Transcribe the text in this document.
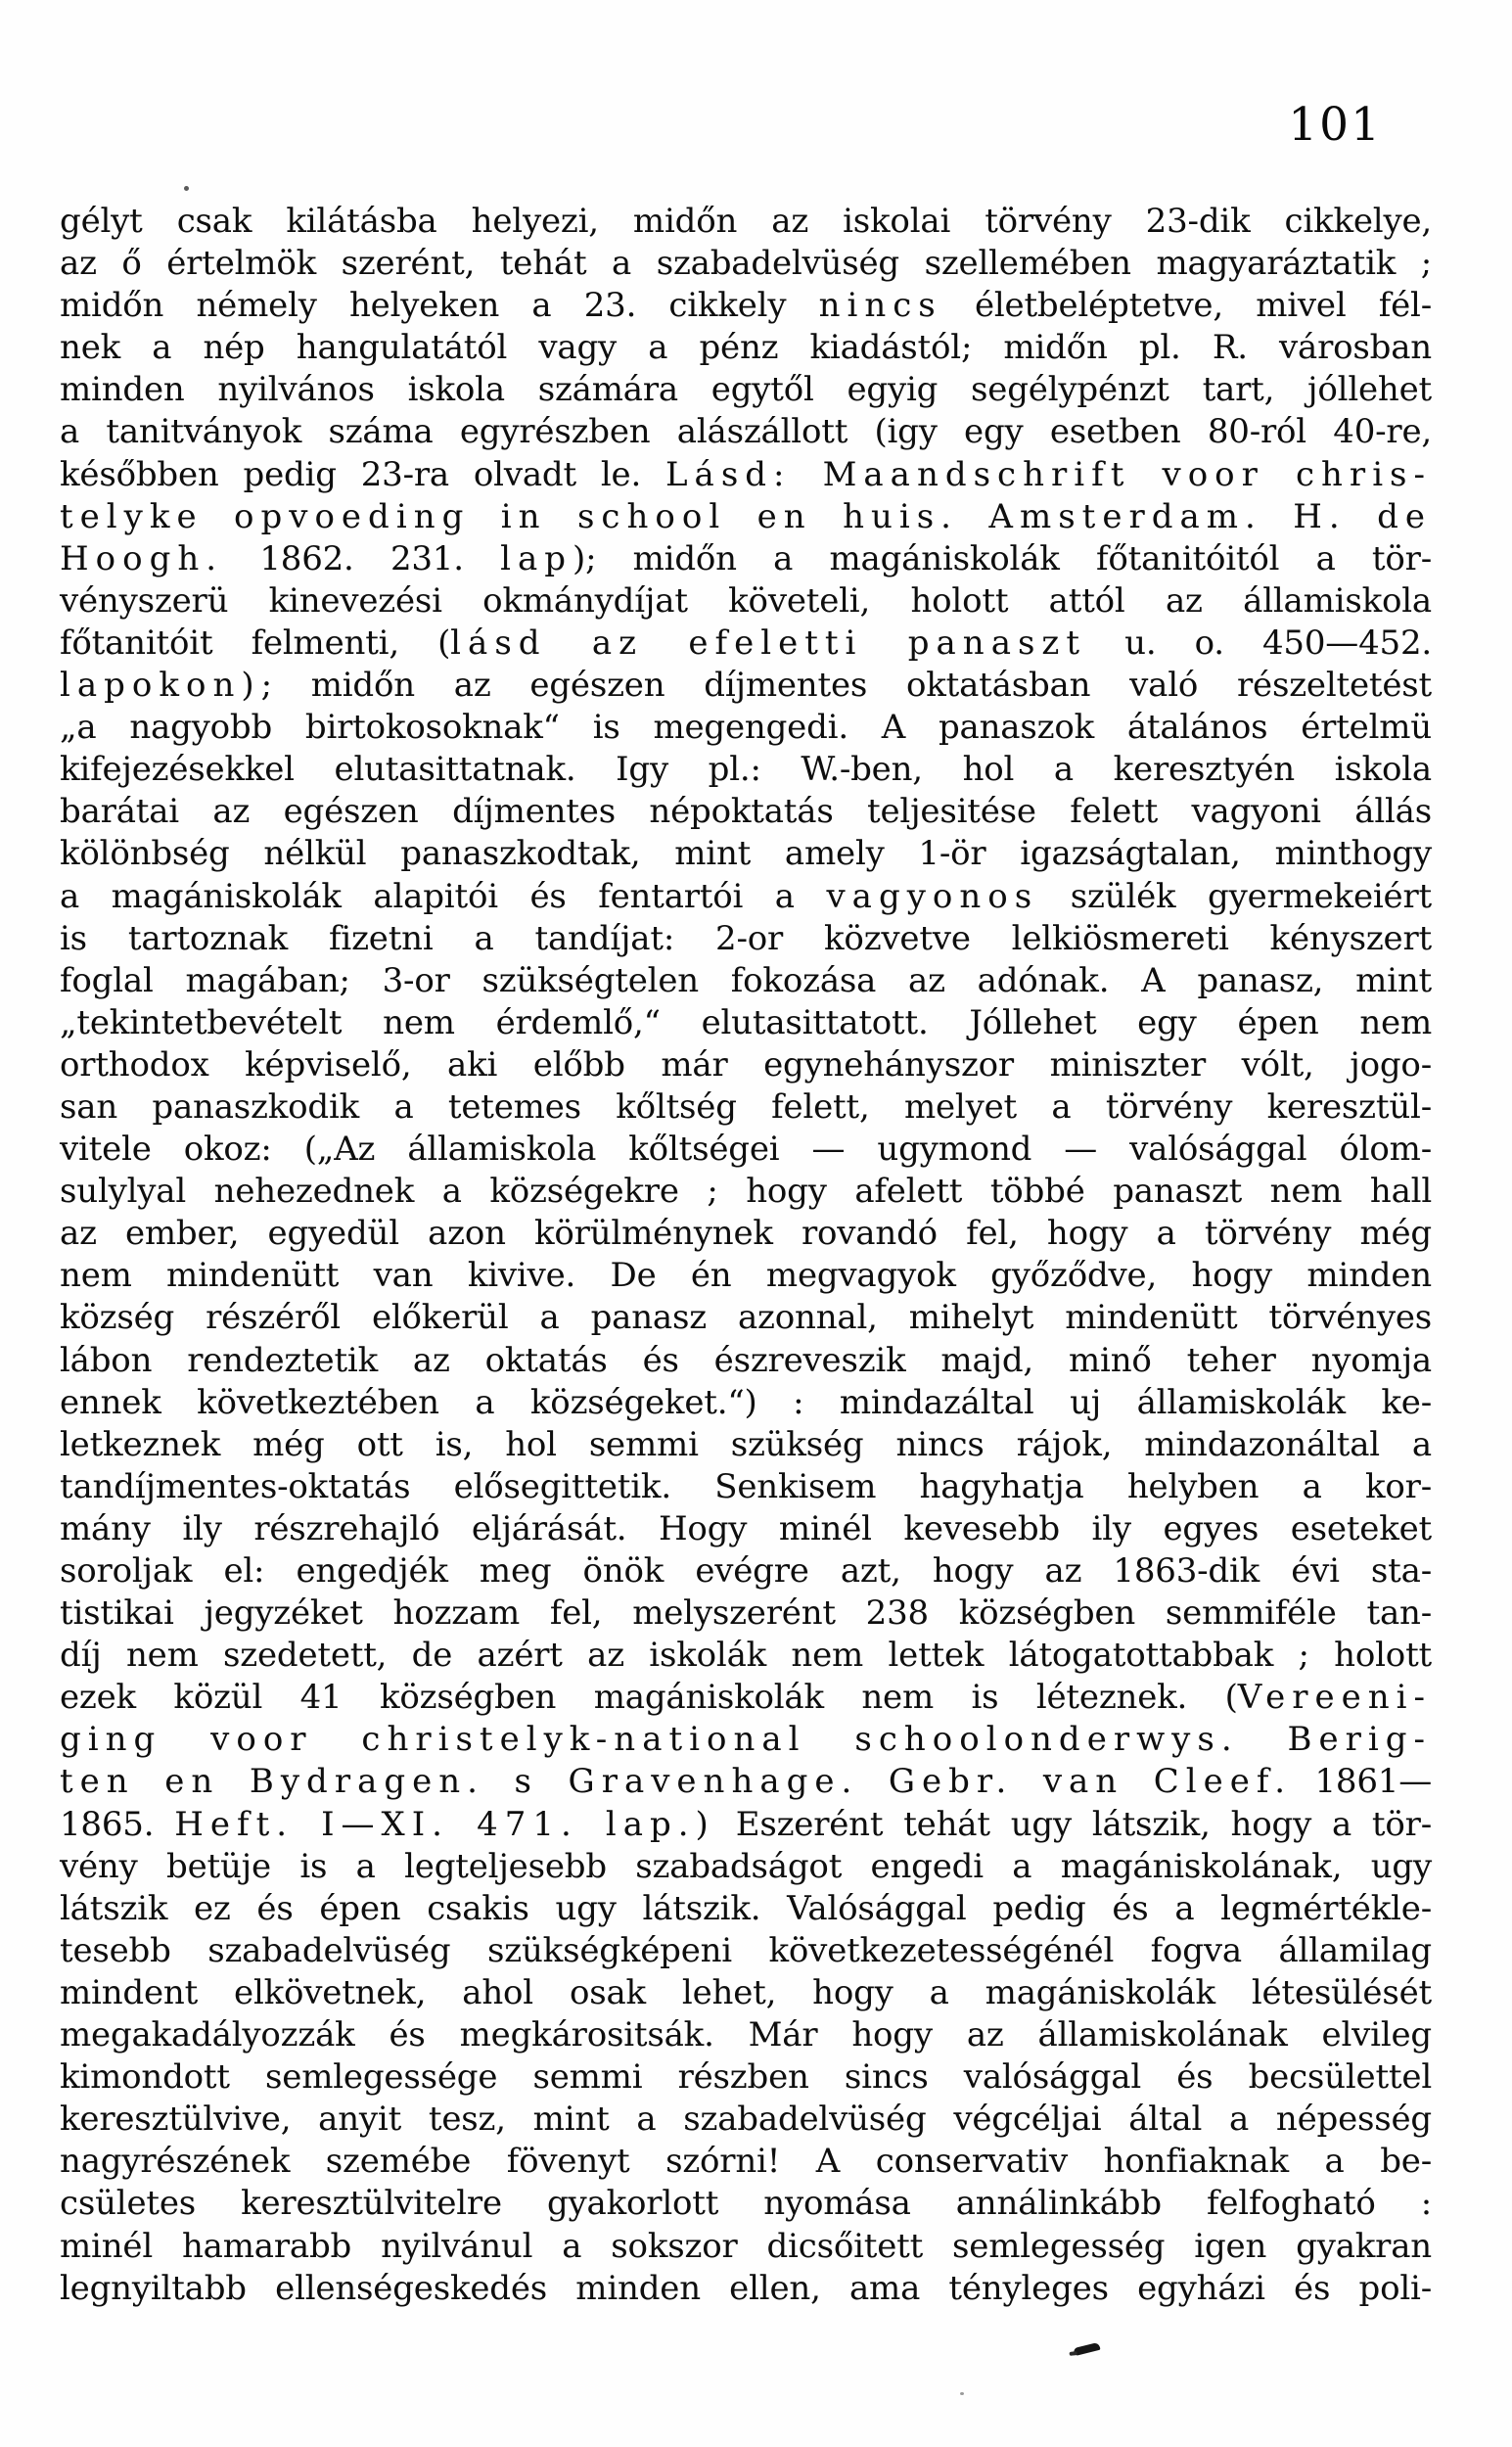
101
gélyt csak kilátásba helyezi, midőn az iskolai törvény 23-dik cikkelye,
az ő értelmök szerént, tehát a szabadelvüség szellemében magyaráztatik ;
midőn némely helyeken a 23. cikkely nincs életbeléptetve, mivel fél-
nek a nép hangulatától vagy a pénz kiadástól; midőn pl. R. városban
minden nyilvános iskola számára egytől egyig segélypénzt tart, jóllehet
a tanitványok száma egyrészben alászállott (igy egy esetben 80-ról 40-re,
későbben pedig 23-ra olvadt le. Lásd: Maandschrift voor chris-
telyke opvoeding in school en huis. Amsterdam. H. de
Hoogh. 1862. 231. lap); midőn a magániskolák főtanitóitól a tör-
vényszerü kinevezési okmánydíjat követeli, holott attól az államiskola
főtanitóit felmenti, (lásd az efeletti panaszt u. o. 450—452.
lapokon); midőn az egészen díjmentes oktatásban való részeltetést
„a nagyobb birtokosoknak“ is megengedi. A panaszok átalános értelmü
kifejezésekkel elutasittatnak. Igy pl.: W.-ben, hol a keresztyén iskola
barátai az egészen díjmentes népoktatás teljesitése felett vagyoni állás
kölönbség nélkül panaszkodtak, mint amely 1-ör igazságtalan, minthogy
a magániskolák alapitói és fentartói a vagyonos szülék gyermekeiért
is tartoznak fizetni a tandíjat: 2-or közvetve lelkiösmereti kényszert
foglal magában; 3-or szükségtelen fokozása az adónak. A panasz, mint
„tekintetbevételt nem érdemlő,“ elutasittatott. Jóllehet egy épen nem
orthodox képviselő, aki előbb már egynehányszor miniszter vólt, jogo-
san panaszkodik a tetemes kőltség felett, melyet a törvény keresztül-
vitele okoz: („Az államiskola kőltségei — ugymond — valósággal ólom-
sulylyal nehezednek a községekre ; hogy afelett többé panaszt nem hall
az ember, egyedül azon körülménynek rovandó fel, hogy a törvény még
nem mindenütt van kivive. De én megvagyok győződve, hogy minden
község részéről előkerül a panasz azonnal, mihelyt mindenütt törvényes
lábon rendeztetik az oktatás és észreveszik majd, minő teher nyomja
ennek következtében a községeket.“) : mindazáltal uj államiskolák ke-
letkeznek még ott is, hol semmi szükség nincs rájok, mindazonáltal a
tandíjmentes-oktatás elősegittetik. Senkisem hagyhatja helyben a kor-
mány ily részrehajló eljárását. Hogy minél kevesebb ily egyes eseteket
soroljak el: engedjék meg önök evégre azt, hogy az 1863-dik évi sta-
tistikai jegyzéket hozzam fel, melyszerént 238 községben semmiféle tan-
díj nem szedetett, de azért az iskolák nem lettek látogatottabbak ; holott
ezek közül 41 községben magániskolák nem is léteznek. (Vereeni-
ging voor christelyk-national schoolonderwys. Berig-
ten en Bydragen. s Gravenhage. Gebr. van Cleef. 1861—
1865. Heft. I—XI. 471. lap.) Eszerént tehát ugy látszik, hogy a tör-
vény betüje is a legteljesebb szabadságot engedi a magániskolának, ugy
látszik ez és épen csakis ugy látszik. Valósággal pedig és a legmértékle-
tesebb szabadelvüség szükségképeni következetességénél fogva államilag
mindent elkövetnek, ahol osak lehet, hogy a magániskolák létesülését
megakadályozzák és megkárositsák. Már hogy az államiskolának elvileg
kimondott semlegessége semmi részben sincs valósággal és becsülettel
keresztülvive, anyit tesz, mint a szabadelvüség végcéljai által a népesség
nagyrészének szemébe fövenyt szórni! A conservativ honfiaknak a be-
csületes keresztülvitelre gyakorlott nyomása annálinkább felfogható :
minél hamarabb nyilvánul a sokszor dicsőitett semlegesség igen gyakran
legnyiltabb ellenségeskedés minden ellen, ama tényleges egyházi és poli-
